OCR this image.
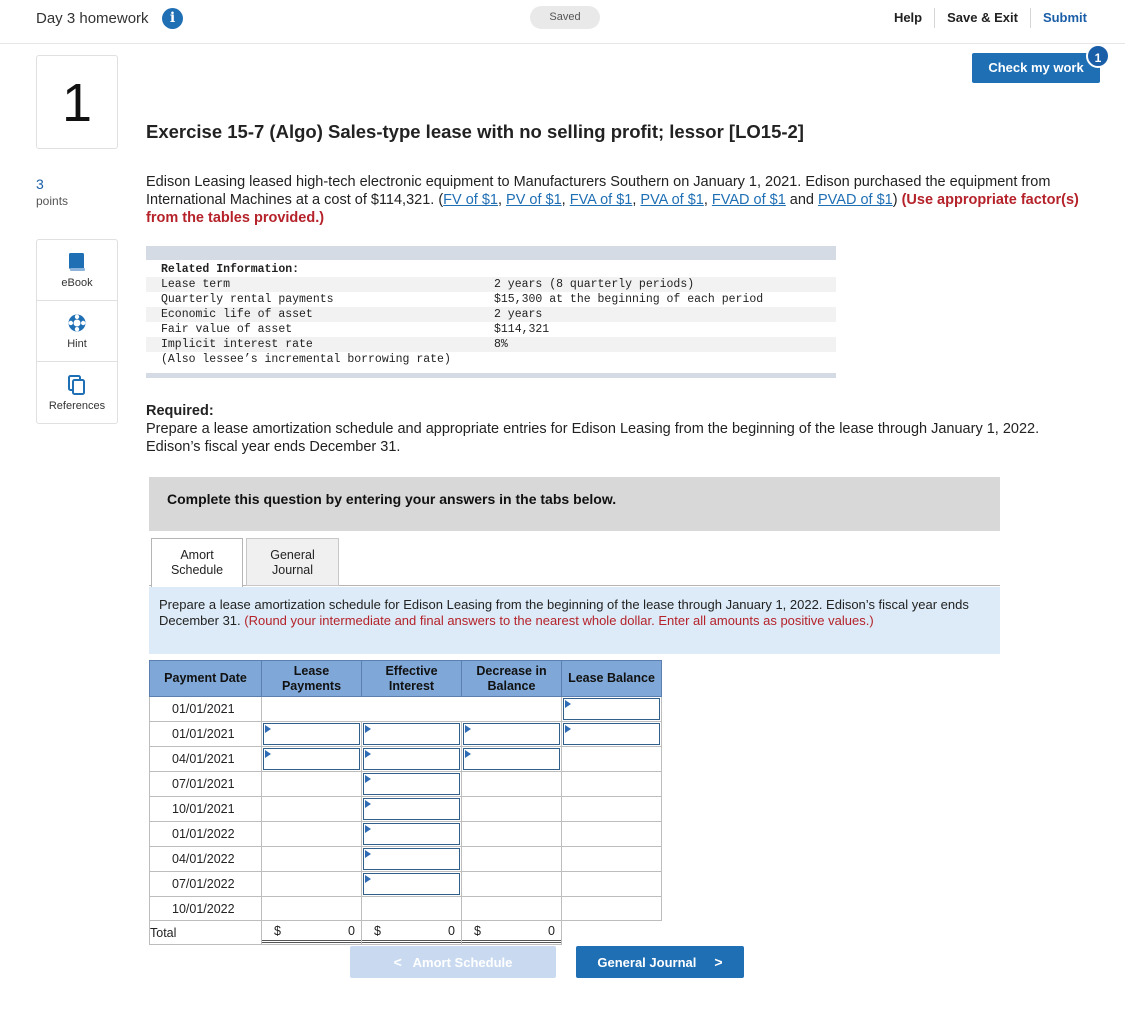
Day 3 homework	i	Saved	Help	Save & Exit	Submit
1
3
points
eBook
Hint
References
Check my work
1
Exercise 15-7 (Algo) Sales-type lease with no selling profit; lessor [LO15-2]
Edison Leasing leased high-tech electronic equipment to Manufacturers Southern on January 1, 2021. Edison purchased the equipment from International Machines at a cost of $114,321. (FV of $1, PV of $1, FVA of $1, PVA of $1, FVAD of $1 and PVAD of $1) (Use appropriate factor(s) from the tables provided.)
Related Information:
Lease term	2 years (8 quarterly periods)
Quarterly rental payments	$15,300 at the beginning of each period
Economic life of asset	2 years
Fair value of asset	$114,321
Implicit interest rate	8%
(Also lessee’s incremental borrowing rate)
Required:
Prepare a lease amortization schedule and appropriate entries for Edison Leasing from the beginning of the lease through January 1, 2022. Edison’s fiscal year ends December 31.
Complete this question by entering your answers in the tabs below.
General
Journal
Amort
Schedule
Prepare a lease amortization schedule for Edison Leasing from the beginning of the lease through January 1, 2022. Edison’s fiscal year ends December 31. (Round your intermediate and final answers to the nearest whole dollar. Enter all amounts as positive values.)
Payment Date	Lease Payments	Effective Interest	Decrease in Balance	Lease Balance
01/01/2021				

01/01/2021	

04/01/2021	

07/01/2021		

10/01/2021		

01/01/2022		

04/01/2022		

07/01/2022		

10/01/2022				
Total	$ 0	$ 0	$ 0	

< Amort Schedule	General Journal >
